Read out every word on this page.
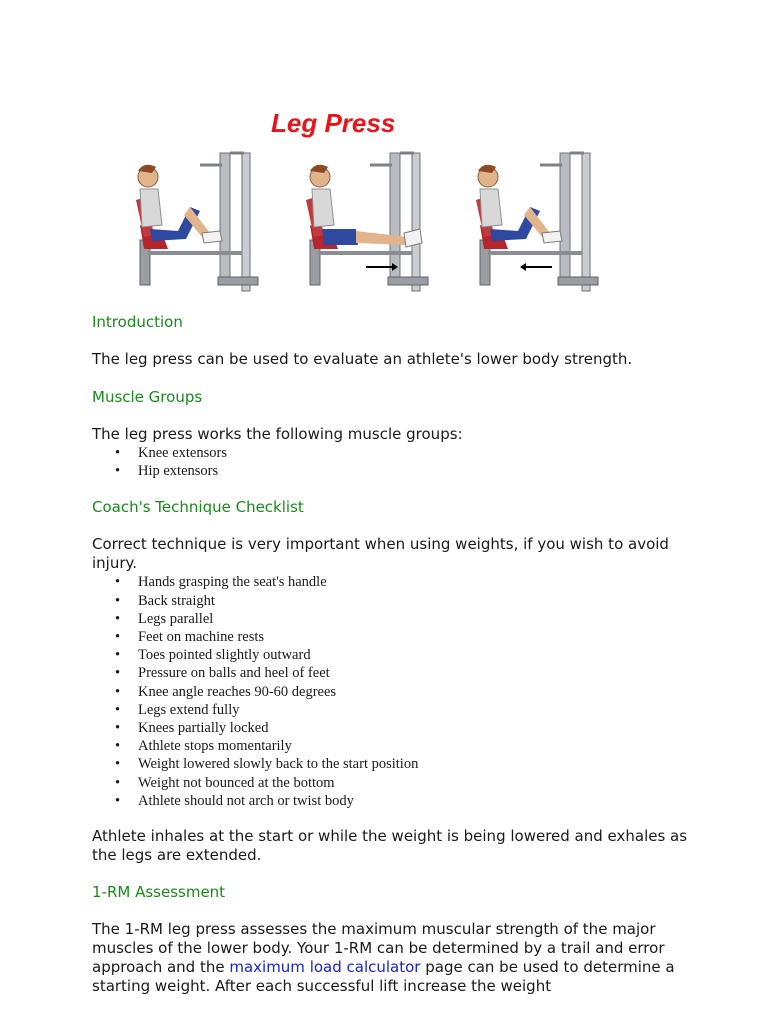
Leg Press
Introduction

The leg press can be used to evaluate an athlete's lower body strength.

Muscle Groups

The leg press works the following muscle groups:

• Knee extensors
• Hip extensors
Coach's Technique Checklist

Correct technique is very important when using weights, if you wish to avoid injury.

• Hands grasping the seat's handle
• Back straight
• Legs parallel
• Feet on machine rests
• Toes pointed slightly outward
• Pressure on balls and heel of feet
• Knee angle reaches 90-60 degrees
• Legs extend fully
• Knees partially locked
• Athlete stops momentarily
• Weight lowered slowly back to the start position
• Weight not bounced at the bottom
• Athlete should not arch or twist body

Athlete inhales at the start or while the weight is being lowered and exhales as the legs are extended.

1-RM Assessment

The 1-RM leg press assesses the maximum muscular strength of the major muscles of the lower body. Your 1-RM can be determined by a trail and error approach and the maximum load calculator page can be used to determine a starting weight. After each successful lift increase the weight
